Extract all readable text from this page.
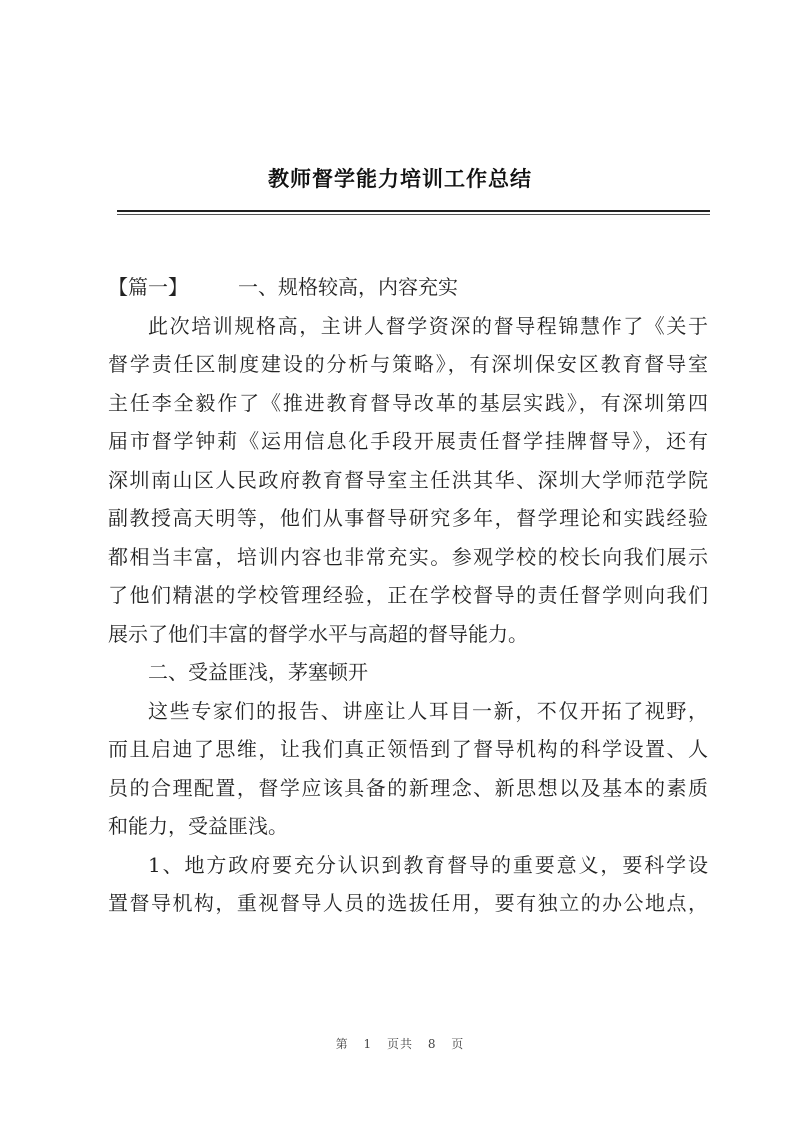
教师督学能力培训工作总结
【篇一】	一、规格较高，内容充实
此次培训规格高，主讲人督学资深的督导程锦慧作了《关于
督学责任区制度建设的分析与策略》，有深圳保安区教育督导室
主任李全毅作了《推进教育督导改革的基层实践》，有深圳第四
届市督学钟莉《运用信息化手段开展责任督学挂牌督导》，还有
深圳南山区人民政府教育督导室主任洪其华、深圳大学师范学院
副教授高天明等，他们从事督导研究多年，督学理论和实践经验
都相当丰富，培训内容也非常充实。参观学校的校长向我们展示
了他们精湛的学校管理经验，正在学校督导的责任督学则向我们
展示了他们丰富的督学水平与高超的督导能力。
二、受益匪浅，茅塞顿开
这些专家们的报告、讲座让人耳目一新，不仅开拓了视野，
而且启迪了思维，让我们真正领悟到了督导机构的科学设置、人
员的合理配置，督学应该具备的新理念、新思想以及基本的素质
和能力，受益匪浅。
1、地方政府要充分认识到教育督导的重要意义，要科学设
置督导机构，重视督导人员的选拔任用，要有独立的办公地点，
第 1 页共 8 页
